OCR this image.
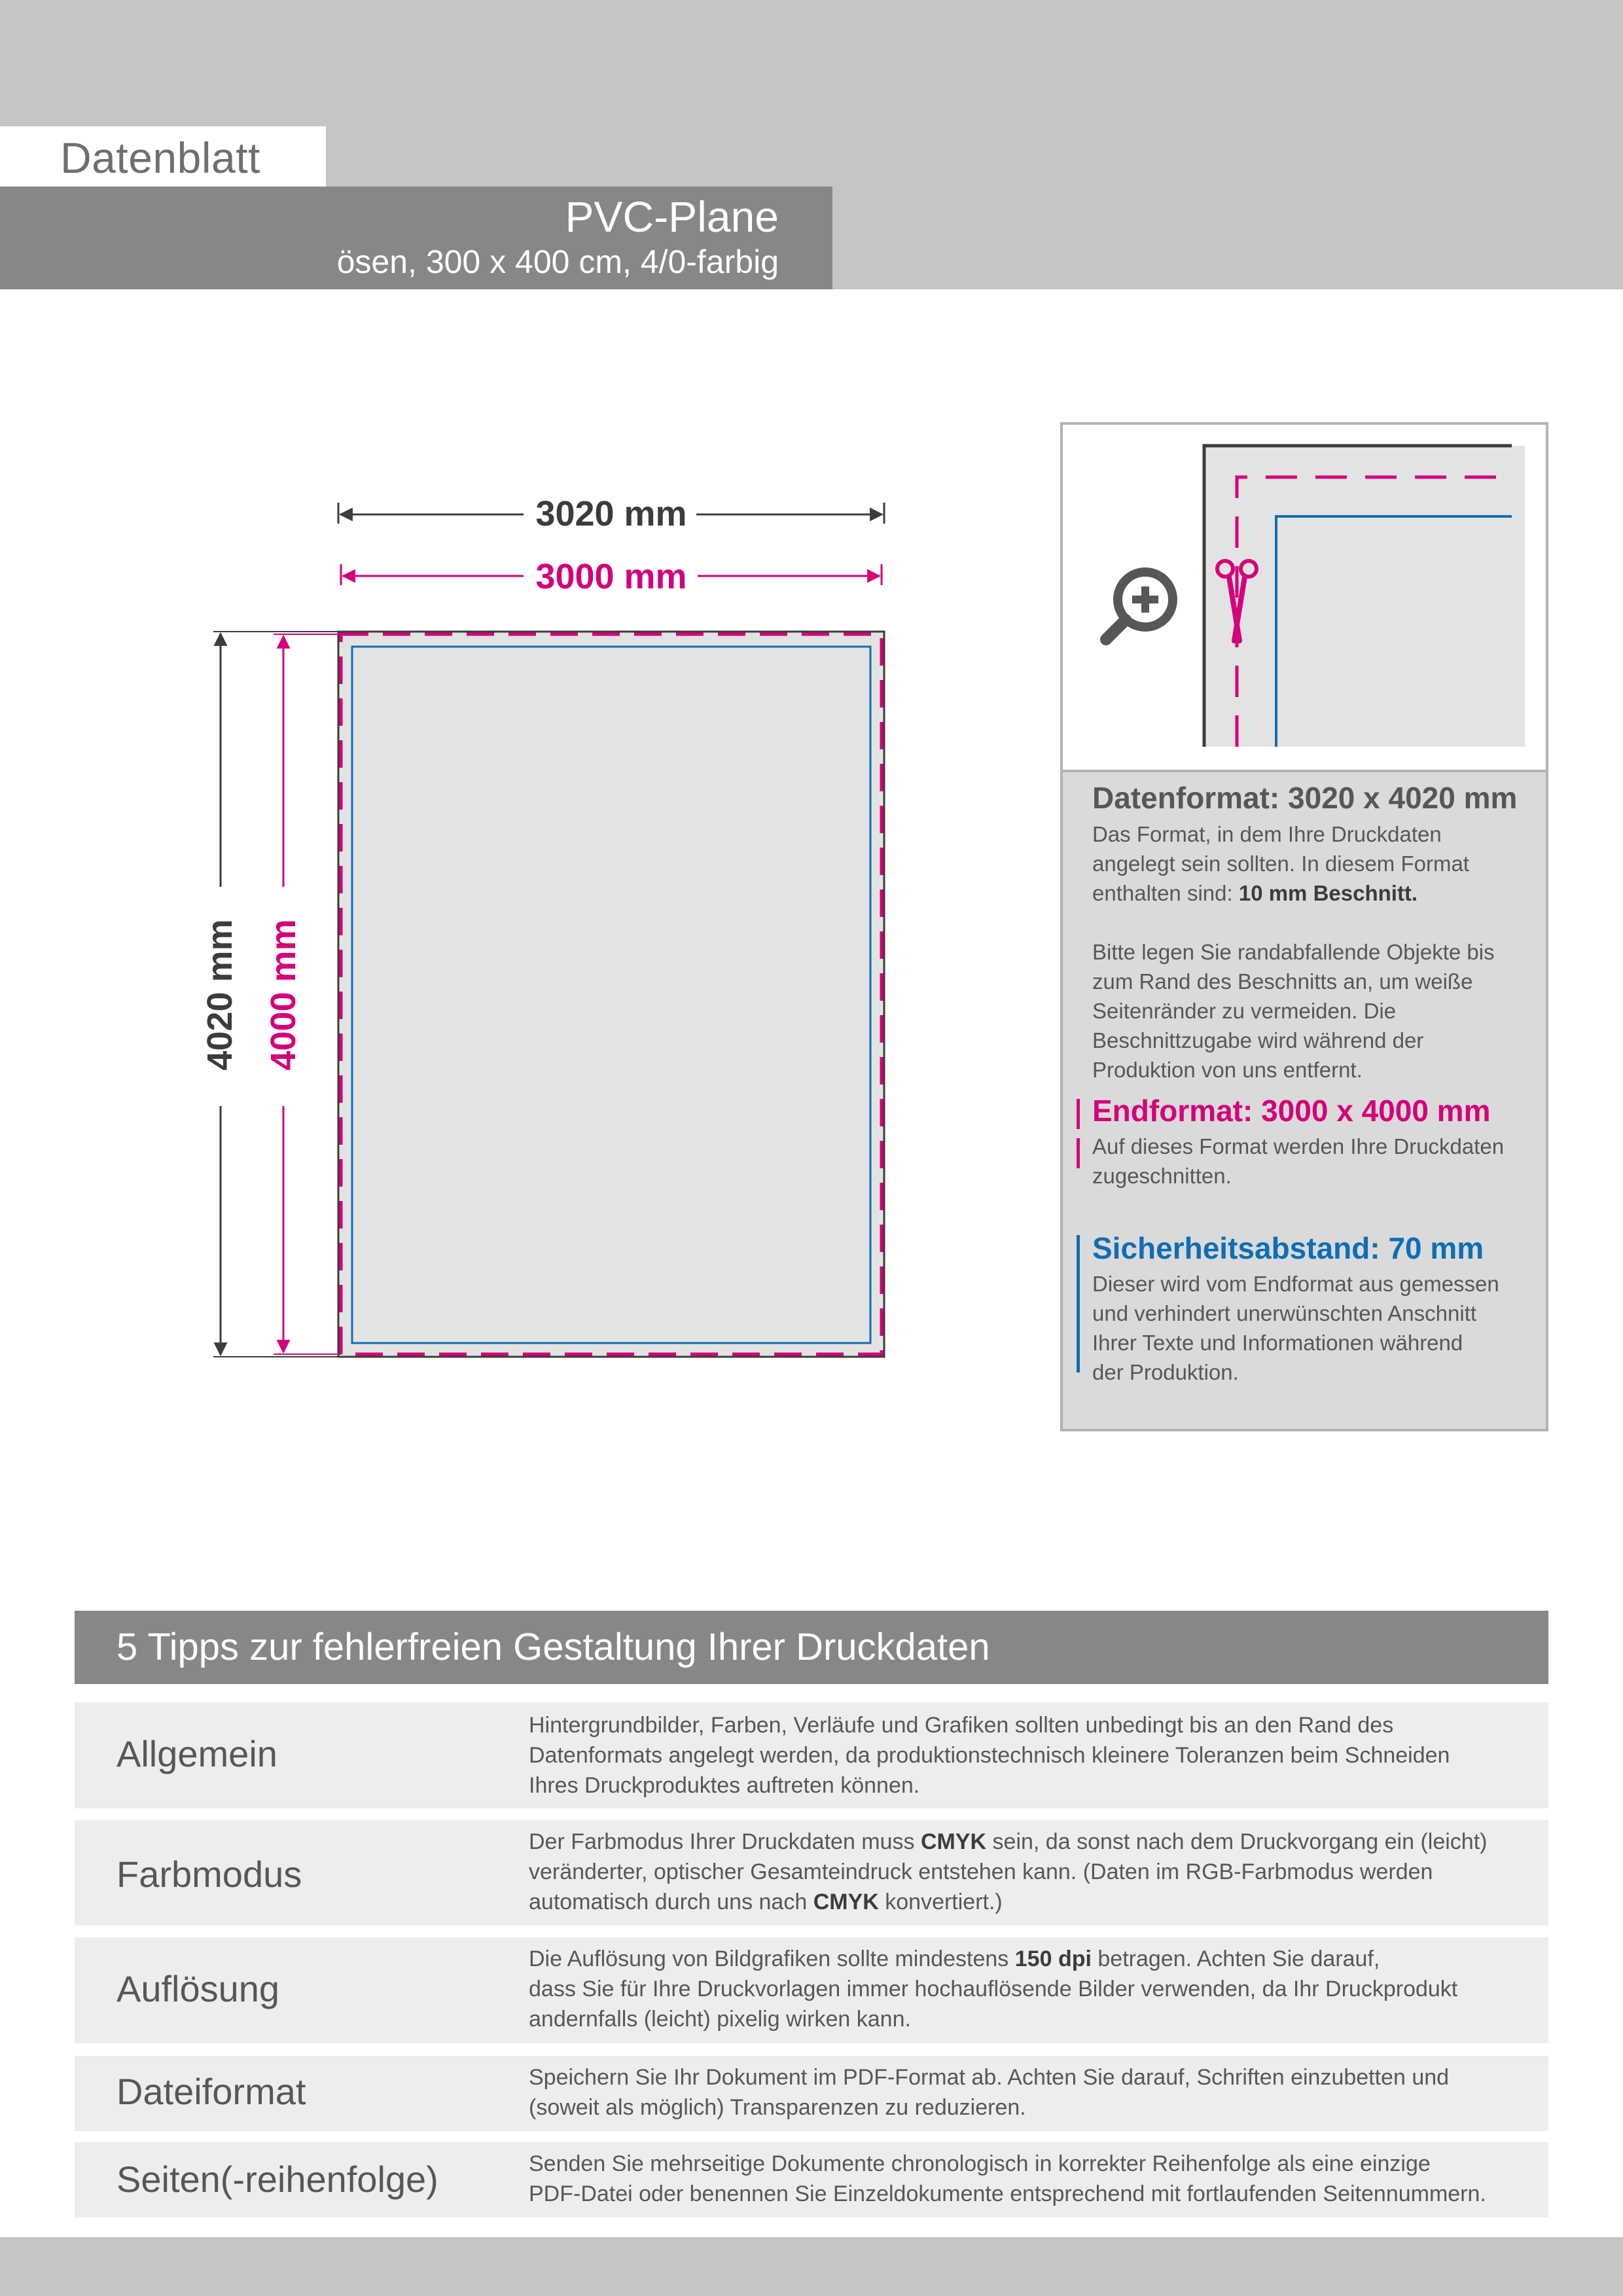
Datenblatt
PVC-Plane
ösen, 300 x 400 cm, 4/0-farbig
3020 mm
3000 mm
4020 mm 4000 mm
Datenformat: 3020 x 4020 mm
Das Format, in dem Ihre Druckdaten
angelegt sein sollten. In diesem Format
enthalten sind: 10 mm Beschnitt.
Bitte legen Sie randabfallende Objekte bis
zum Rand des Beschnitts an, um weiße
Seitenränder zu vermeiden. Die
Beschnittzugabe wird während der
Produktion von uns entfernt.
Endformat: 3000 x 4000 mm
Auf dieses Format werden Ihre Druckdaten
zugeschnitten.
Sicherheitsabstand: 70 mm
Dieser wird vom Endformat aus gemessen
und verhindert unerwünschten Anschnitt
Ihrer Texte und Informationen während
der Produktion.
5 Tipps zur fehlerfreien Gestaltung Ihrer Druckdaten
Allgemein
Hintergrundbilder, Farben, Verläufe und Grafiken sollten unbedingt bis an den Rand des
Datenformats angelegt werden, da produktionstechnisch kleinere Toleranzen beim Schneiden
Ihres Druckproduktes auftreten können.
Farbmodus
Der Farbmodus Ihrer Druckdaten muss CMYK sein, da sonst nach dem Druckvorgang ein (leicht)
veränderter, optischer Gesamteindruck entstehen kann. (Daten im RGB-Farbmodus werden
automatisch durch uns nach CMYK konvertiert.)
Auflösung
Die Auflösung von Bildgrafiken sollte mindestens 150 dpi betragen. Achten Sie darauf,
dass Sie für Ihre Druckvorlagen immer hochauflösende Bilder verwenden, da Ihr Druckprodukt
andernfalls (leicht) pixelig wirken kann.
Dateiformat	Speichern Sie Ihr Dokument im PDF-Format ab. Achten Sie darauf, Schriften einzubetten und
(soweit als möglich) Transparenzen zu reduzieren.
Seiten(-reihenfolge)	Senden Sie mehrseitige Dokumente chronologisch in korrekter Reihenfolge als eine einzige
PDF-Datei oder benennen Sie Einzeldokumente entsprechend mit fortlaufenden Seitennummern.
